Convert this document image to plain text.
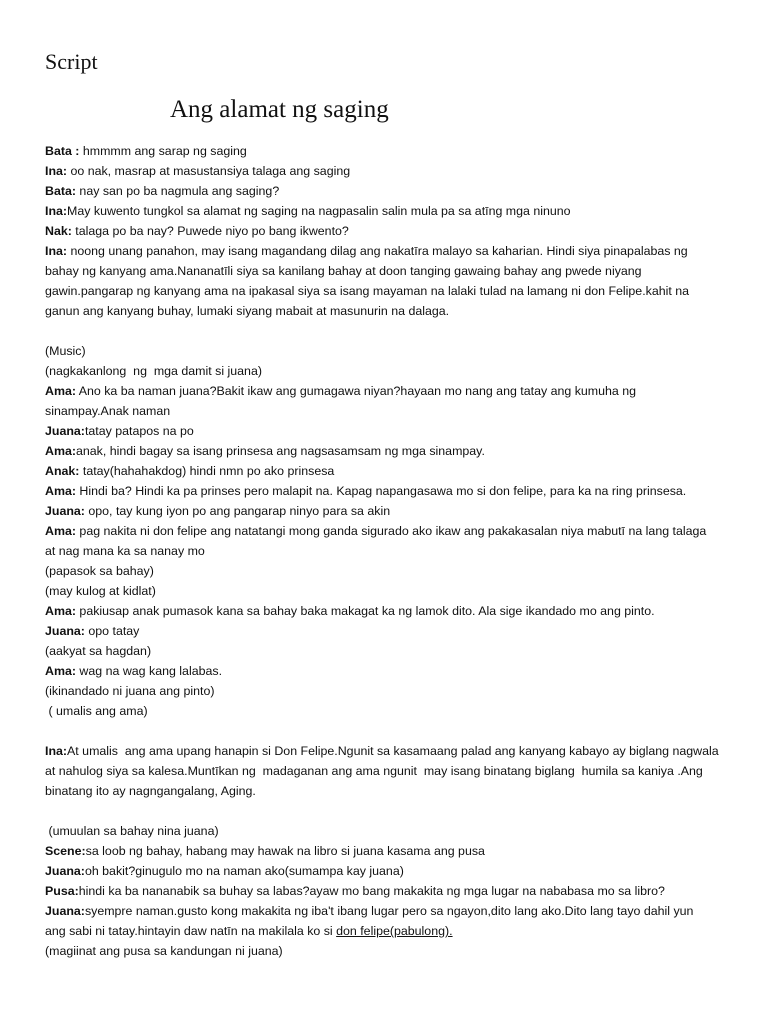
Script
Ang alamat ng saging
Bata : hmmmm ang sarap ng saging
Ina: oo nak, masrap at masustansiya talaga ang saging
Bata: nay san po ba nagmula ang saging?
Ina:May kuwento tungkol sa alamat ng saging na nagpasalin salin mula pa sa atīng mga ninuno
Nak: talaga po ba nay? Puwede niyo po bang ikwento?
Ina: noong unang panahon, may isang magandang dilag ang nakatīra malayo sa kaharian. Hindi siya pinapalabas ng
bahay ng kanyang ama.Nananatīli siya sa kanilang bahay at doon tanging gawaing bahay ang pwede niyang
gawin.pangarap ng kanyang ama na ipakasal siya sa isang mayaman na lalaki tulad na lamang ni don Felipe.kahit na
ganun ang kanyang buhay, lumaki siyang mabait at masunurin na dalaga.
(Music)
(nagkakanlong  ng  mga damit si juana)
Ama: Ano ka ba naman juana?Bakit ikaw ang gumagawa niyan?hayaan mo nang ang tatay ang kumuha ng
sinampay.Anak naman
Juana:tatay patapos na po
Ama:anak, hindi bagay sa isang prinsesa ang nagsasamsam ng mga sinampay.
Anak: tatay(hahahakdog) hindi nmn po ako prinsesa
Ama: Hindi ba? Hindi ka pa prinses pero malapit na. Kapag napangasawa mo si don felipe, para ka na ring prinsesa.
Juana: opo, tay kung iyon po ang pangarap ninyo para sa akin
Ama: pag nakita ni don felipe ang natatangi mong ganda sigurado ako ikaw ang pakakasalan niya mabutī na lang talaga
at nag mana ka sa nanay mo
(papasok sa bahay)
(may kulog at kidlat)
Ama: pakiusap anak pumasok kana sa bahay baka makagat ka ng lamok dito. Ala sige ikandado mo ang pinto.
Juana: opo tatay
(aakyat sa hagdan)
Ama: wag na wag kang lalabas.
(ikinandado ni juana ang pinto)
( umalis ang ama)
Ina:At umalis  ang ama upang hanapin si Don Felipe.Ngunit sa kasamaang palad ang kanyang kabayo ay biglang nagwala
at nahulog siya sa kalesa.Muntīkan ng  madaganan ang ama ngunit  may isang binatang biglang  humila sa kaniya .Ang
binatang ito ay nagngangalang, Aging.
(umuulan sa bahay nina juana)
Scene:sa loob ng bahay, habang may hawak na libro si juana kasama ang pusa
Juana:oh bakit?ginugulo mo na naman ako(sumampa kay juana)
Pusa:hindi ka ba nananabik sa buhay sa labas?ayaw mo bang makakita ng mga lugar na nababasa mo sa libro?
Juana:syempre naman.gusto kong makakita ng iba't ibang lugar pero sa ngayon,dito lang ako.Dito lang tayo dahil yun
ang sabi ni tatay.hintayin daw natīn na makilala ko si don felipe(pabulong).
(magiinat ang pusa sa kandungan ni juana)
